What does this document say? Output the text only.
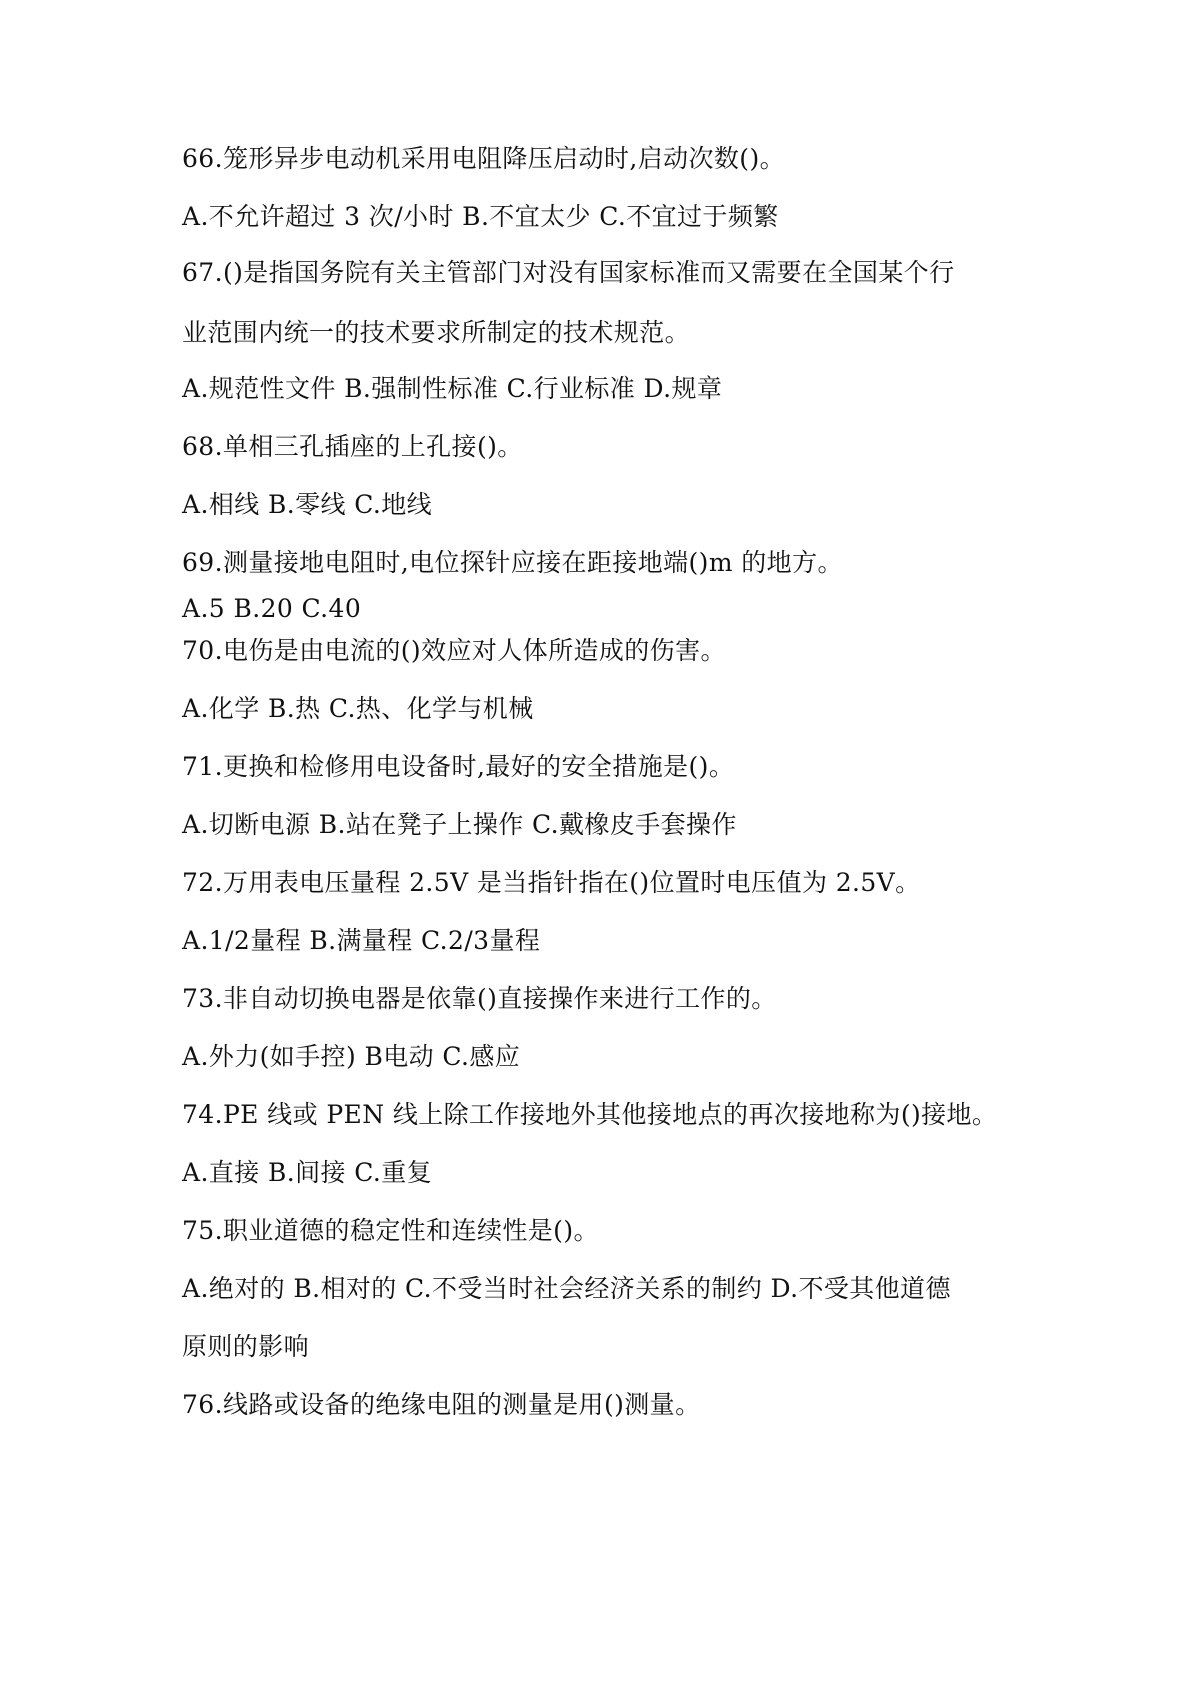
66.笼形异步电动机采用电阻降压启动时,启动次数()。
A.不允许超过 3 次/小时 B.不宜太少 C.不宜过于频繁
67.()是指国务院有关主管部门对没有国家标准而又需要在全国某个行
业范围内统一的技术要求所制定的技术规范。
A.规范性文件 B.强制性标准 C.行业标准 D.规章
68.单相三孔插座的上孔接()。
A.相线 B.零线 C.地线
69.测量接地电阻时,电位探针应接在距接地端()m 的地方。
A.5 B.20 C.40
70.电伤是由电流的()效应对人体所造成的伤害。
A.化学 B.热 C.热、化学与机械
71.更换和检修用电设备时,最好的安全措施是()。
A.切断电源 B.站在凳子上操作 C.戴橡皮手套操作
72.万用表电压量程 2.5V 是当指针指在()位置时电压值为 2.5V。
A.1/2量程 B.满量程 C.2/3量程
73.非自动切换电器是依靠()直接操作来进行工作的。
A.外力(如手控) B电动 C.感应
74.PE 线或 PEN 线上除工作接地外其他接地点的再次接地称为()接地。
A.直接 B.间接 C.重复
75.职业道德的稳定性和连续性是()。
A.绝对的 B.相对的 C.不受当时社会经济关系的制约 D.不受其他道德
原则的影响
76.线路或设备的绝缘电阻的测量是用()测量。
